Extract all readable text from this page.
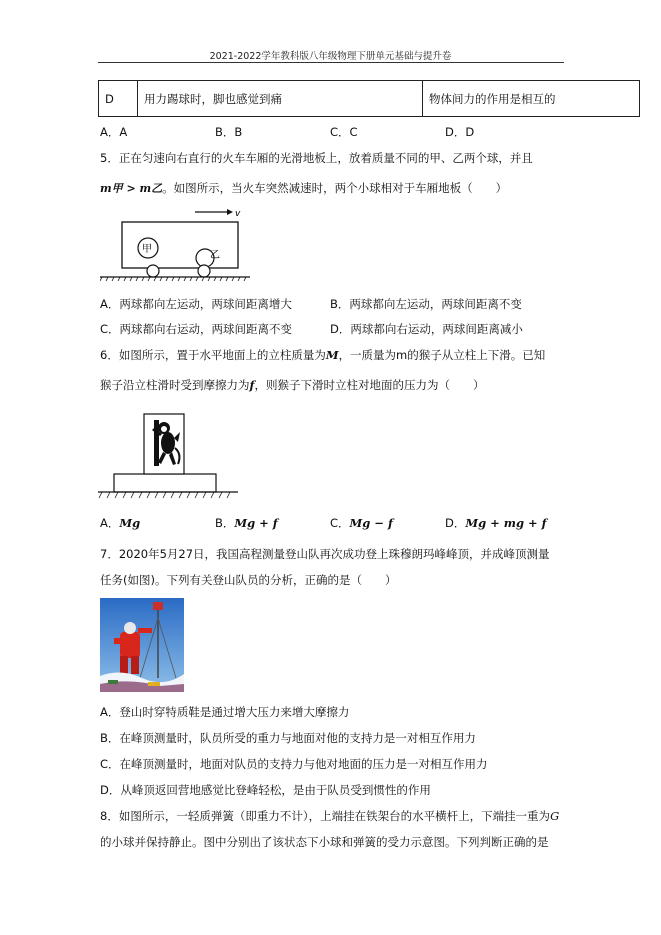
2021-2022学年教科版八年级物理下册单元基础与提升卷
D	用力踢球时，脚也感觉到痛	物体间力的作用是相互的
A．A	B．B	C．C	D．D
5．正在匀速向右直行的火车车厢的光滑地板上，放着质量不同的甲、乙两个球，并且
m甲 > m乙。如图所示，当火车突然减速时，两个小球相对于车厢地板（　　）
v
甲
乙
A．两球都向左运动，两球间距离增大	B．两球都向左运动，两球间距离不变
C．两球都向右运动，两球间距离不变	D．两球都向右运动，两球间距离减小
6．如图所示，置于水平地面上的立柱质量为M，一质量为m的猴子从立柱上下滑。已知
猴子沿立柱滑时受到摩擦力为f，则猴子下滑时立柱对地面的压力为（　　）
A．Mg	B．Mg + f	C．Mg − f	D．Mg + mg + f
7．2020年5月27日，我国高程测量登山队再次成功登上珠穆朗玛峰峰顶，并成峰顶测量
任务(如图)。下列有关登山队员的分析，正确的是（　　）
A．登山时穿特质鞋是通过增大压力来增大摩擦力
B．在峰顶测量时，队员所受的重力与地面对他的支持力是一对相互作用力
C．在峰顶测量时，地面对队员的支持力与他对地面的压力是一对相互作用力
D．从峰顶返回营地感觉比登峰轻松，是由于队员受到惯性的作用
8．如图所示，一轻质弹簧（即重力不计），上端挂在铁架台的水平横杆上，下端挂一重为G
的小球并保持静止。图中分别出了该状态下小球和弹簧的受力示意图。下列判断正确的是
